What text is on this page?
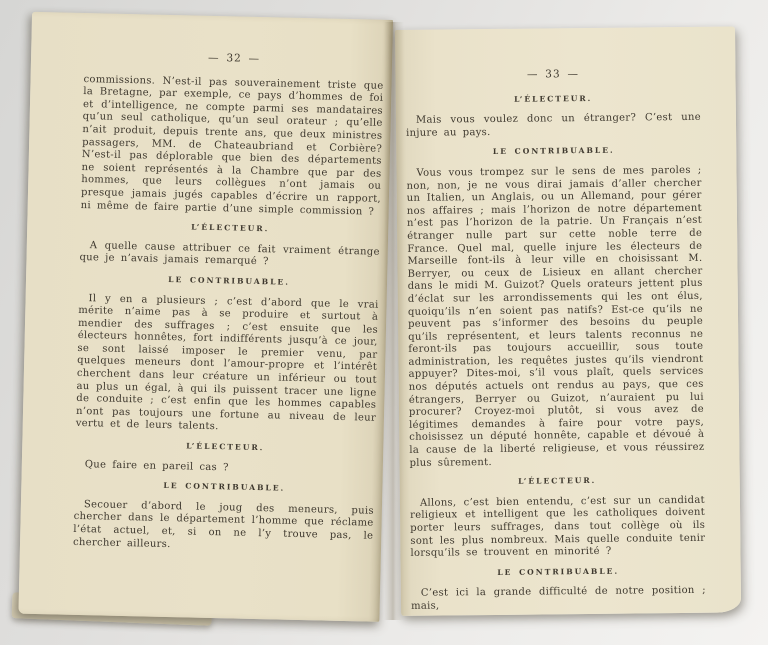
— 32 —

commissions. N’est-il pas souverainement triste que la Bretagne, par exemple, ce pays d’hommes de foi et d’intelligence, ne compte parmi ses mandataires qu’un seul catholique, qu’un seul orateur ; qu’elle n’ait produit, depuis trente ans, que deux ministres passagers, MM. de Chateaubriand et Corbière? N’est-il pas déplorable que bien des départements ne soient représentés à la Chambre que par des hommes, que leurs collègues n’ont jamais ou presque jamais jugés capables d’écrire un rapport, ni même de faire partie d’une simple commission ?

L’ÉLECTEUR.

A quelle cause attribuer ce fait vraiment étrange que je n’avais jamais remarqué ?

LE CONTRIBUABLE.

Il y en a plusieurs ; c’est d’abord que le vrai mérite n’aime pas à se produire et surtout à mendier des suffrages ; c’est ensuite que les électeurs honnêtes, fort indifférents jusqu’à ce jour, se sont laissé imposer le premier venu, par quelques meneurs dont l’amour-propre et l’intérêt cherchent dans leur créature un inférieur ou tout au plus un égal, à qui ils puissent tracer une ligne de conduite ; c’est enfin que les hommes capables n’ont pas toujours une fortune au niveau de leur vertu et de leurs talents.

L’ÉLECTEUR.

Que faire en pareil cas ?

LE CONTRIBUABLE.

Secouer d’abord le joug des meneurs, puis chercher dans le département l’homme que réclame l’état actuel, et, si on ne l’y trouve pas, le chercher ailleurs.

— 33 —
L’ÉLECTEUR.

Mais vous voulez donc un étranger? C’est une injure au pays.

LE CONTRIBUABLE.

Vous vous trompez sur le sens de mes paroles ; non, non, je ne vous dirai jamais d’aller chercher un Italien, un Anglais, ou un Allemand, pour gérer nos affaires ; mais l’horizon de notre département n’est pas l’horizon de la patrie. Un Français n’est étranger nulle part sur cette noble terre de France. Quel mal, quelle injure les électeurs de Marseille font-ils à leur ville en choisissant M. Berryer, ou ceux de Lisieux en allant chercher dans le midi M. Guizot? Quels orateurs jettent plus d’éclat sur les arrondissements qui les ont élus, quoiqu’ils n’en soient pas natifs? Est-ce qu’ils ne peuvent pas s’informer des besoins du peuple qu’ils représentent, et leurs talents reconnus ne feront-ils pas toujours accueillir, sous toute administration, les requêtes justes qu’ils viendront appuyer? Dites-moi, s’il vous plaît, quels services nos députés actuels ont rendus au pays, que ces étrangers, Berryer ou Guizot, n’auraient pu lui procurer? Croyez-moi plutôt, si vous avez de légitimes demandes à faire pour votre pays, choisissez un député honnête, capable et dévoué à la cause de la liberté religieuse, et vous réussirez plus sûrement.

L’ÉLECTEUR.

Allons, c’est bien entendu, c’est sur un candidat religieux et intelligent que les catholiques doivent porter leurs suffrages, dans tout collège où ils sont les plus nombreux. Mais quelle conduite tenir lorsqu’ils se trouvent en minorité ?

LE CONTRIBUABLE.

C’est ici la grande difficulté de notre position ; mais,
